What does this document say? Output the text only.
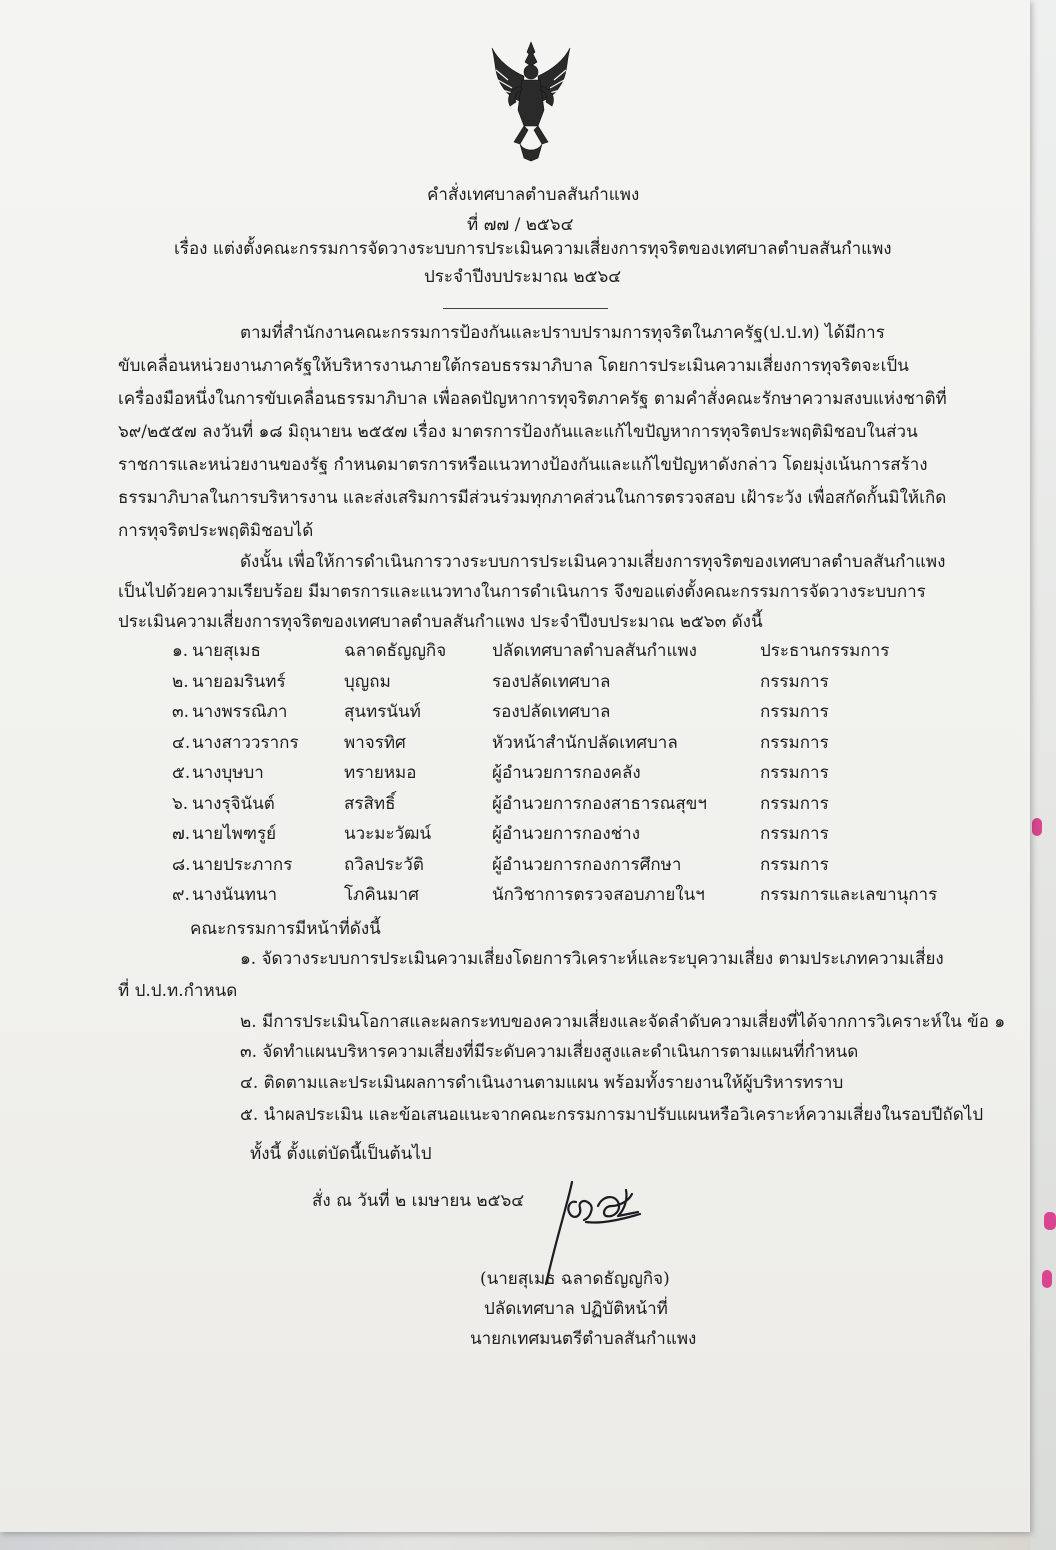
คำสั่งเทศบาลตำบลสันกำแพง
ที่ ๗๗ / ๒๕๖๔
เรื่อง แต่งตั้งคณะกรรมการจัดวางระบบการประเมินความเสี่ยงการทุจริตของเทศบาลตำบลสันกำแพง
ประจำปีงบประมาณ ๒๕๖๔
ตามที่สำนักงานคณะกรรมการป้องกันและปราบปรามการทุจริตในภาครัฐ(ป.ป.ท) ได้มีการ
ขับเคลื่อนหน่วยงานภาครัฐให้บริหารงานภายใต้กรอบธรรมาภิบาล โดยการประเมินความเสี่ยงการทุจริตจะเป็น
เครื่องมือหนึ่งในการขับเคลื่อนธรรมาภิบาล เพื่อลดปัญหาการทุจริตภาครัฐ ตามคำสั่งคณะรักษาความสงบแห่งชาติที่
๖๙/๒๕๕๗ ลงวันที่ ๑๘ มิถุนายน ๒๕๕๗ เรื่อง มาตรการป้องกันและแก้ไขปัญหาการทุจริตประพฤติมิชอบในส่วน
ราชการและหน่วยงานของรัฐ กำหนดมาตรการหรือแนวทางป้องกันและแก้ไขปัญหาดังกล่าว โดยมุ่งเน้นการสร้าง
ธรรมาภิบาลในการบริหารงาน และส่งเสริมการมีส่วนร่วมทุกภาคส่วนในการตรวจสอบ เฝ้าระวัง เพื่อสกัดกั้นมิให้เกิด
การทุจริตประพฤติมิชอบได้
ดังนั้น เพื่อให้การดำเนินการวางระบบการประเมินความเสี่ยงการทุจริตของเทศบาลตำบลสันกำแพง
เป็นไปด้วยความเรียบร้อย มีมาตรการและแนวทางในการดำเนินการ จึงขอแต่งตั้งคณะกรรมการจัดวางระบบการ
ประเมินความเสี่ยงการทุจริตของเทศบาลตำบลสันกำแพง ประจำปีงบประมาณ ๒๕๖๓ ดังนี้
๑. นายสุเมธ	ฉลาดธัญญกิจ	ปลัดเทศบาลตำบลสันกำแพง	ประธานกรรมการ
๒. นายอมรินทร์	บุญถม	รองปลัดเทศบาล	กรรมการ
๓. นางพรรณิภา	สุนทรนันท์	รองปลัดเทศบาล	กรรมการ
๔. นางสาววรากร	พาจรทิศ	หัวหน้าสำนักปลัดเทศบาล	กรรมการ
๕. นางบุษบา	ทรายหมอ	ผู้อำนวยการกองคลัง	กรรมการ
๖. นางรุจินันต์	สรสิทธิ์	ผู้อำนวยการกองสาธารณสุขฯ	กรรมการ
๗. นายไพฑรูย์	นวะมะวัฒน์	ผู้อำนวยการกองช่าง	กรรมการ
๘. นายประภากร	ถวิลประวัติ	ผู้อำนวยการกองการศึกษา	กรรมการ
๙. นางนันทนา	โภคินมาศ	นักวิชาการตรวจสอบภายในฯ	กรรมการและเลขานุการ
คณะกรรมการมีหน้าที่ดังนี้
๑. จัดวางระบบการประเมินความเสี่ยงโดยการวิเคราะห์และระบุความเสี่ยง ตามประเภทความเสี่ยง
ที่ ป.ป.ท.กำหนด
๒. มีการประเมินโอกาสและผลกระทบของความเสี่ยงและจัดลำดับความเสี่ยงที่ได้จากการวิเคราะห์ใน ข้อ ๑
๓. จัดทำแผนบริหารความเสี่ยงที่มีระดับความเสี่ยงสูงและดำเนินการตามแผนที่กำหนด
๔. ติดตามและประเมินผลการดำเนินงานตามแผน พร้อมทั้งรายงานให้ผู้บริหารทราบ
๕. นำผลประเมิน และข้อเสนอแนะจากคณะกรรมการมาปรับแผนหรือวิเคราะห์ความเสี่ยงในรอบปีถัดไป
ทั้งนี้ ตั้งแต่บัดนี้เป็นต้นไป
สั่ง ณ วันที่ ๒ เมษายน ๒๕๖๔
(นายสุเมธ ฉลาดธัญญกิจ)
ปลัดเทศบาล ปฏิบัติหน้าที่
นายกเทศมนตรีตำบลสันกำแพง
